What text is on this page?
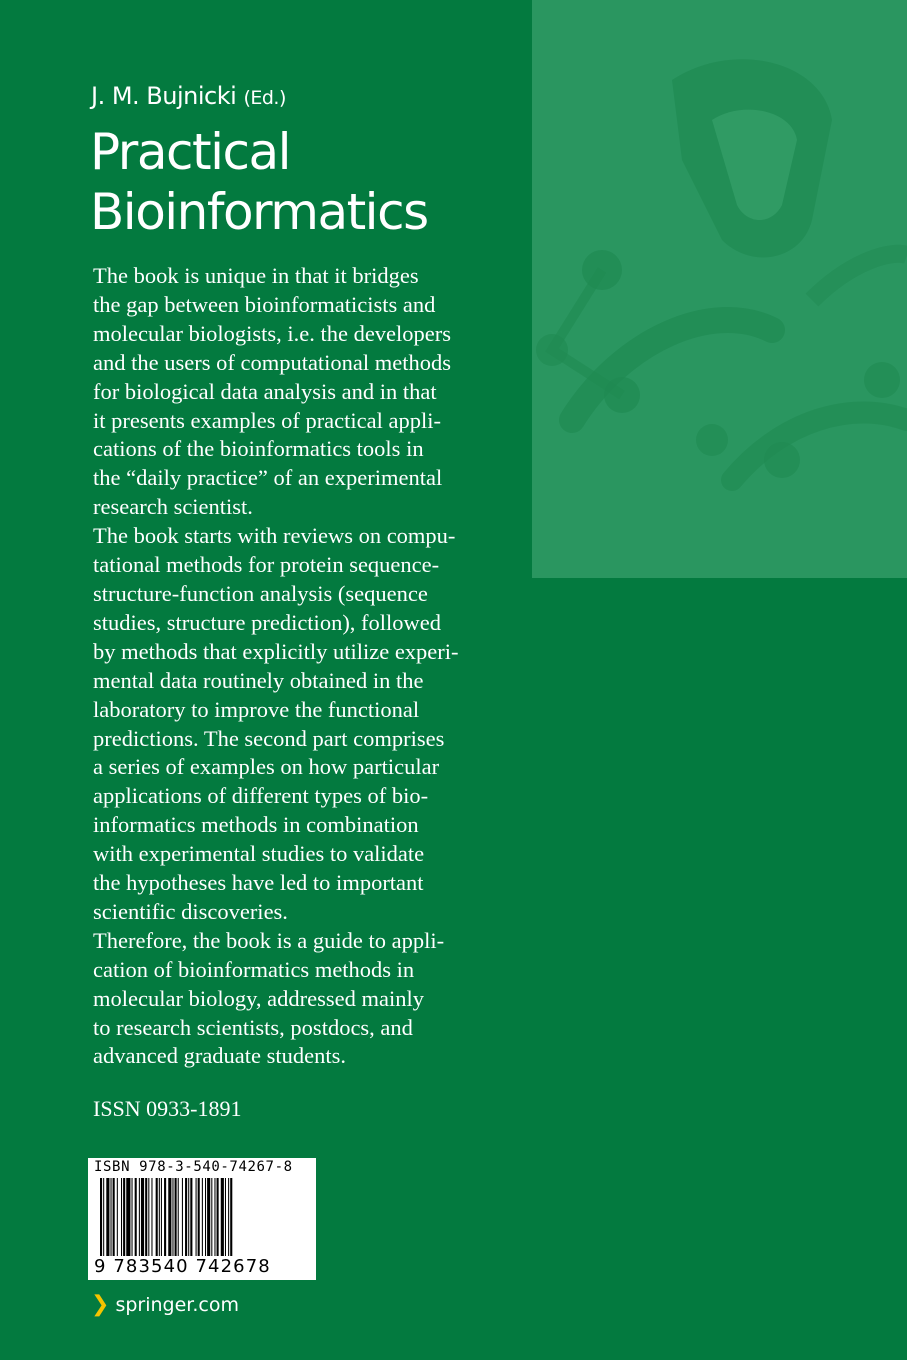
J. M. Bujnicki (Ed.)
Practical
Bioinformatics

The book is unique in that it bridges
the gap between bioinformaticists and
molecular biologists, i.e. the developers
and the users of computational methods
for biological data analysis and in that
it presents examples of practical appli-
cations of the bioinformatics tools in
the “daily practice” of an experimental
research scientist.

The book starts with reviews on compu-
tational methods for protein sequence-
structure-function analysis (sequence
studies, structure prediction), followed
by methods that explicitly utilize experi-
mental data routinely obtained in the
laboratory to improve the functional
predictions. The second part comprises
a series of examples on how particular
applications of different types of bio-
informatics methods in combination
with experimental studies to validate
the hypotheses have led to important
scientific discoveries.

Therefore, the book is a guide to appli-
cation of bioinformatics methods in
molecular biology, addressed mainly
to research scientists, postdocs, and
advanced graduate students.

ISSN 0933-1891
ISBN 978-3-540-74267-8
9 783540 742678
❯ springer.com
